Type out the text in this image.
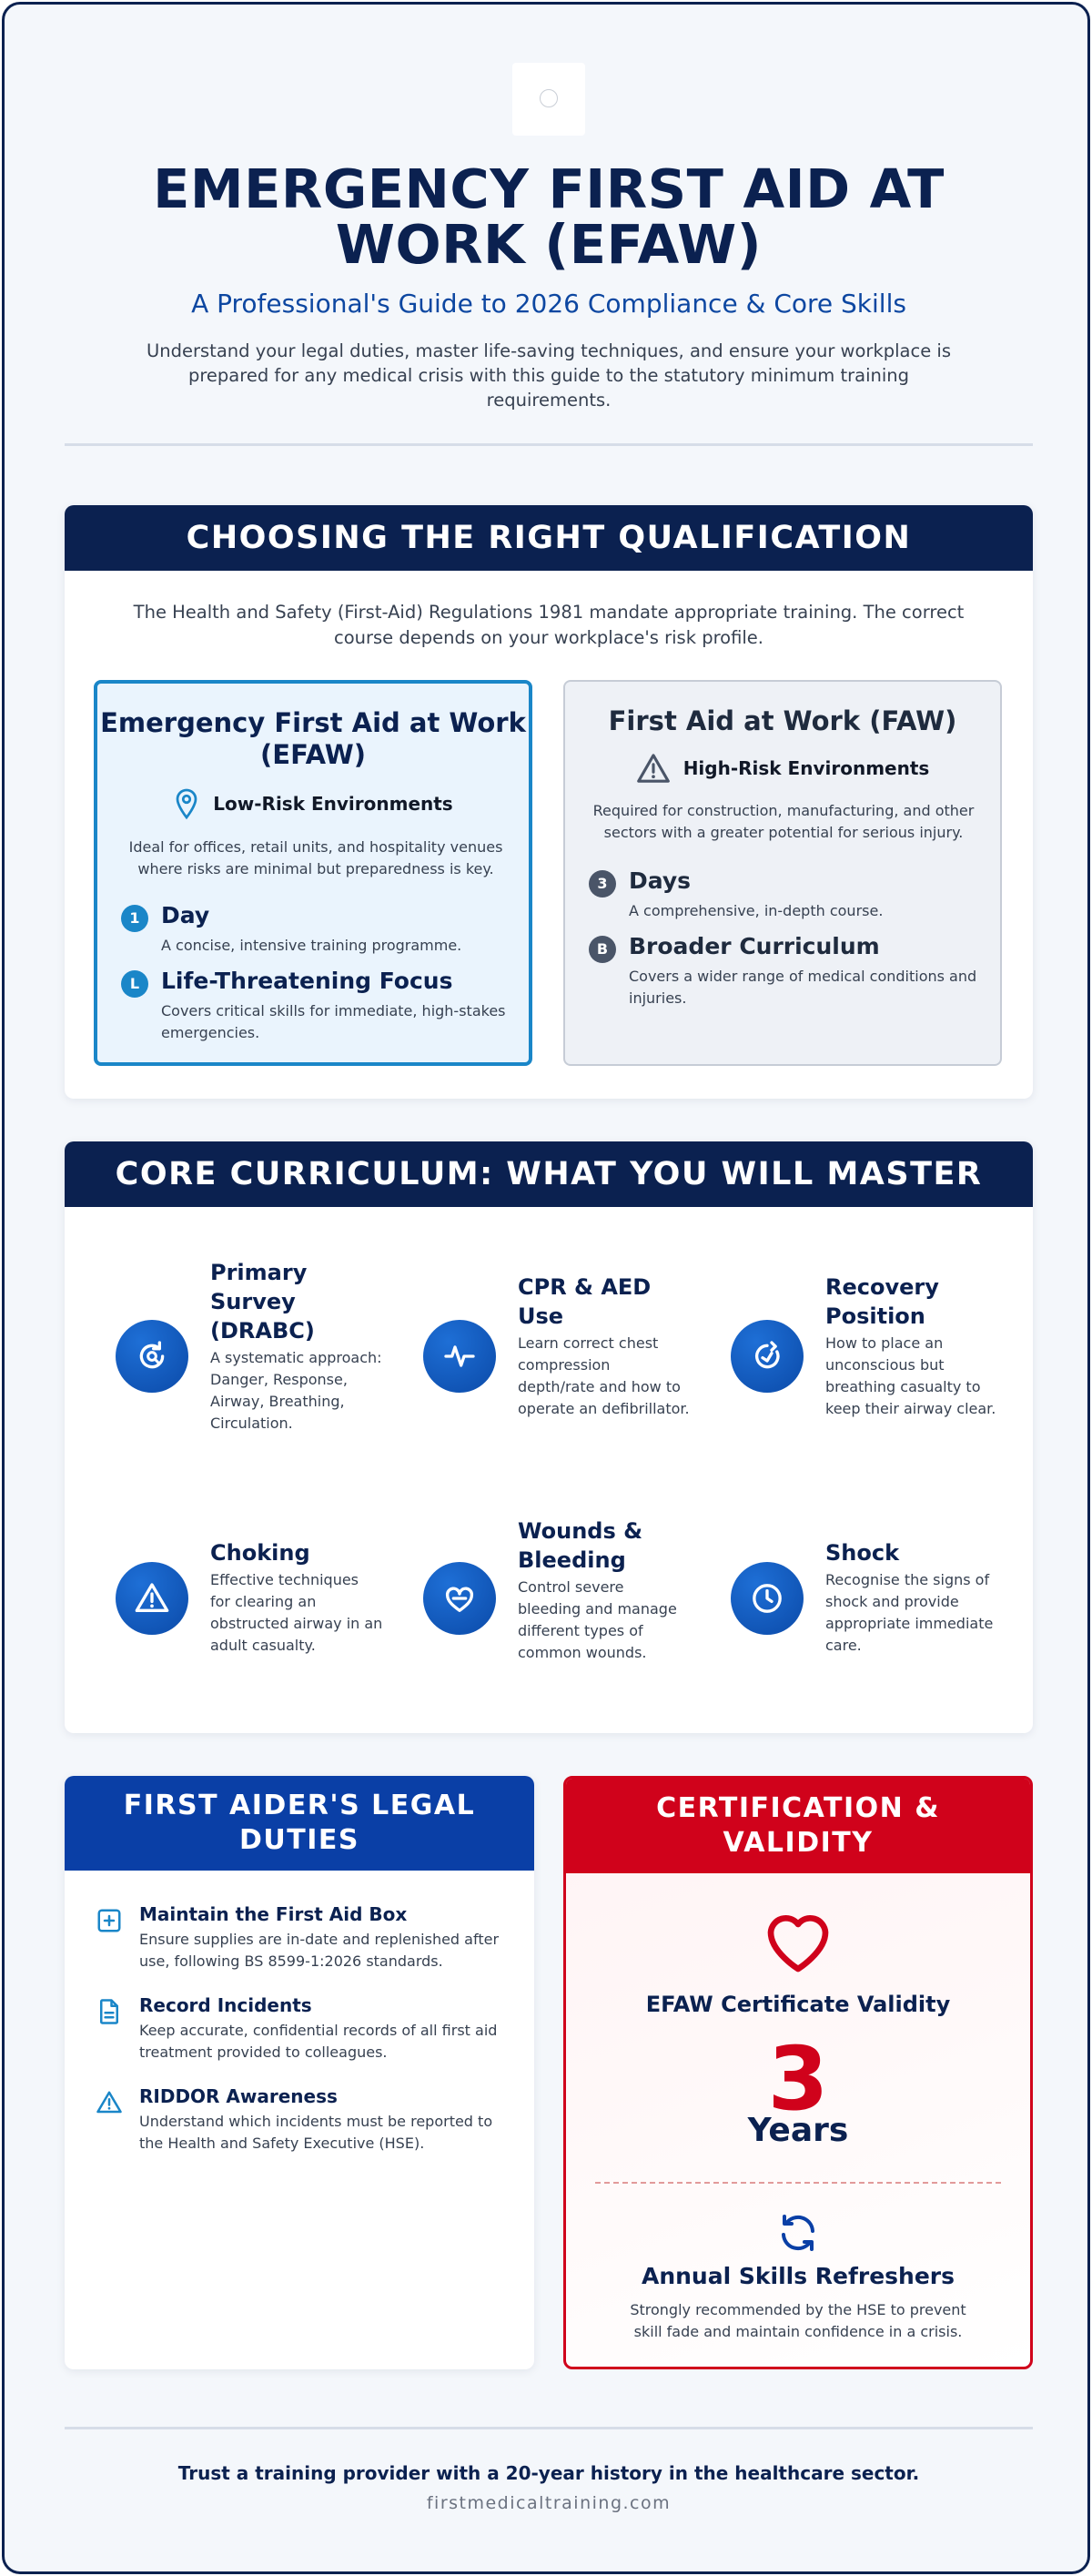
EMERGENCY FIRST AID AT WORK (EFAW)
A Professional's Guide to 2026 Compliance & Core Skills

Understand your legal duties, master life-saving techniques, and ensure your workplace is prepared for any medical crisis with this guide to the statutory minimum training requirements.

CHOOSING THE RIGHT QUALIFICATION

The Health and Safety (First-Aid) Regulations 1981 mandate appropriate training. The correct course depends on your workplace's risk profile.

Emergency First Aid at Work (EFAW)
Low-Risk Environments

Ideal for offices, retail units, and hospitality venues where risks are minimal but preparedness is key.

1 Day
A concise, intensive training programme.
L Life-Threatening Focus
Covers critical skills for immediate, high-stakes emergencies.
First Aid at Work (FAW)
High-Risk Environments

Required for construction, manufacturing, and other sectors with a greater potential for serious injury.

3 Days
A comprehensive, in-depth course.
B Broader Curriculum
Covers a wider range of medical conditions and injuries.
CORE CURRICULUM: WHAT YOU WILL MASTER
Primary Survey (DRABC)
A systematic approach: Danger, Response, Airway, Breathing, Circulation.
CPR & AED Use
Learn correct chest compression depth/rate and how to operate an defibrillator.
Recovery Position
How to place an unconscious but breathing casualty to keep their airway clear.
Choking
Effective techniques for clearing an obstructed airway in an adult casualty.
Wounds & Bleeding
Control severe bleeding and manage different types of common wounds.
Shock
Recognise the signs of shock and provide appropriate immediate care.
FIRST AIDER'S LEGAL DUTIES
Maintain the First Aid Box
Ensure supplies are in-date and replenished after use, following BS 8599-1:2026 standards.
Record Incidents
Keep accurate, confidential records of all first aid treatment provided to colleagues.
RIDDOR Awareness
Understand which incidents must be reported to the Health and Safety Executive (HSE).
CERTIFICATION & VALIDITY
EFAW Certificate Validity
3
Years
Annual Skills Refreshers

Strongly recommended by the HSE to prevent skill fade and maintain confidence in a crisis.

Trust a training provider with a 20-year history in the healthcare sector.
firstmedicaltraining.com
